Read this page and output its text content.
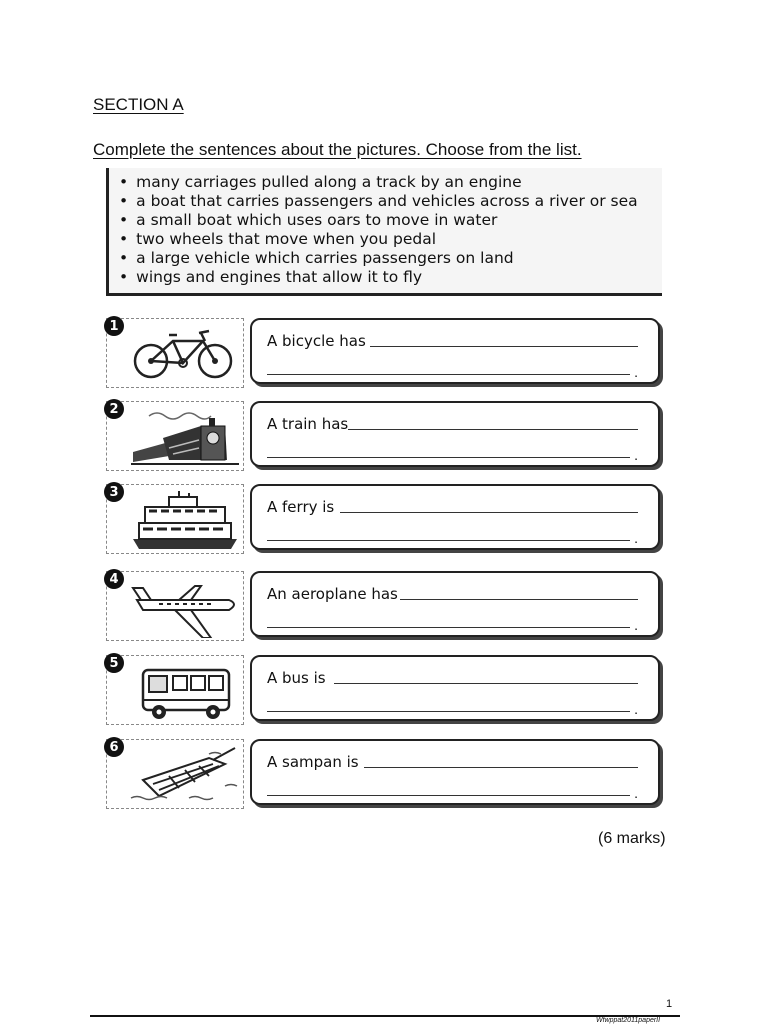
SECTION A
Complete the sentences about the pictures. Choose from the list.
• many carriages pulled along a track by an engine
• a boat that carries passengers and vehicles across a river or sea
• a small boat which uses oars to move in water
• two wheels that move when you pedal
• a large vehicle which carries passengers on land
• wings and engines that allow it to fly
1
A bicycle has
.
2
A train has
.
3
A ferry is
.
4
An aeroplane has
.
5
A bus is
.
6
A sampan is
.
(6 marks)
1
Wfwppat2011paperII
